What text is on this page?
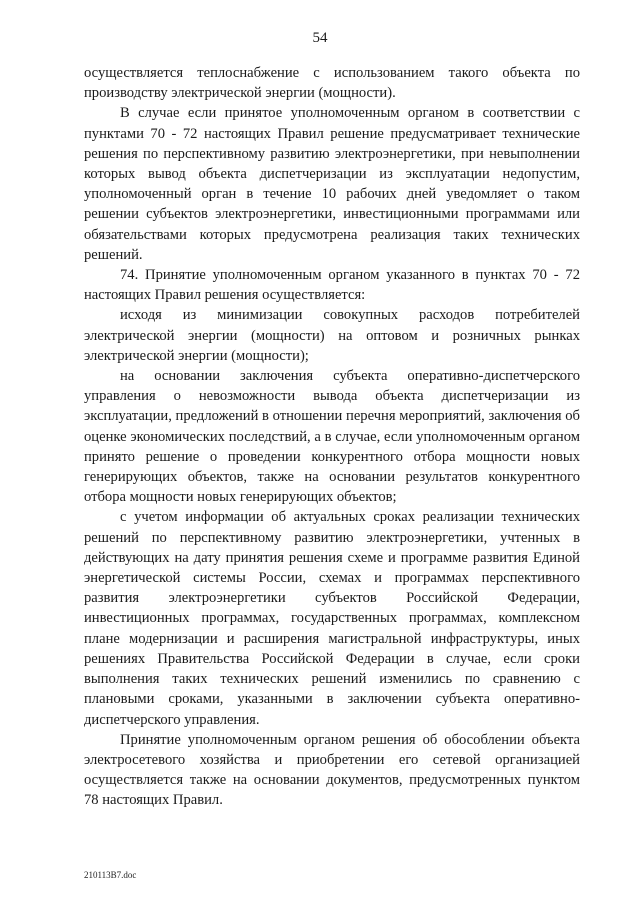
54

осуществляется теплоснабжение с использованием такого объекта по производству электрической энергии (мощности).

В случае если принятое уполномоченным органом в соответствии с пунктами 70 - 72 настоящих Правил решение предусматривает технические решения по перспективному развитию электроэнергетики, при невыполнении которых вывод объекта диспетчеризации из эксплуатации недопустим, уполномоченный орган в течение 10 рабочих дней уведомляет о таком решении субъектов электроэнергетики, инвестиционными программами или обязательствами которых предусмотрена реализация таких технических решений.

74. Принятие уполномоченным органом указанного в пунктах 70 - 72 настоящих Правил решения осуществляется:

исходя из минимизации совокупных расходов потребителей электрической энергии (мощности) на оптовом и розничных рынках электрической энергии (мощности);

на основании заключения субъекта оперативно-диспетчерского управления о невозможности вывода объекта диспетчеризации из эксплуатации, предложений в отношении перечня мероприятий, заключения об оценке экономических последствий, а в случае, если уполномоченным органом принято решение о проведении конкурентного отбора мощности новых генерирующих объектов, также на основании результатов конкурентного отбора мощности новых генерирующих объектов;

с учетом информации об актуальных сроках реализации технических решений по перспективному развитию электроэнергетики, учтенных в действующих на дату принятия решения схеме и программе развития Единой энергетической системы России, схемах и программах перспективного развития электроэнергетики субъектов Российской Федерации, инвестиционных программах, государственных программах, комплексном плане модернизации и расширения магистральной инфраструктуры, иных решениях Правительства Российской Федерации в случае, если сроки выполнения таких технических решений изменились по сравнению с плановыми сроками, указанными в заключении субъекта оперативно-диспетчерского управления.

Принятие уполномоченным органом решения об обособлении объекта электросетевого хозяйства и приобретении его сетевой организацией осуществляется также на основании документов, предусмотренных пунктом 78 настоящих Правил.

210113В7.doc
